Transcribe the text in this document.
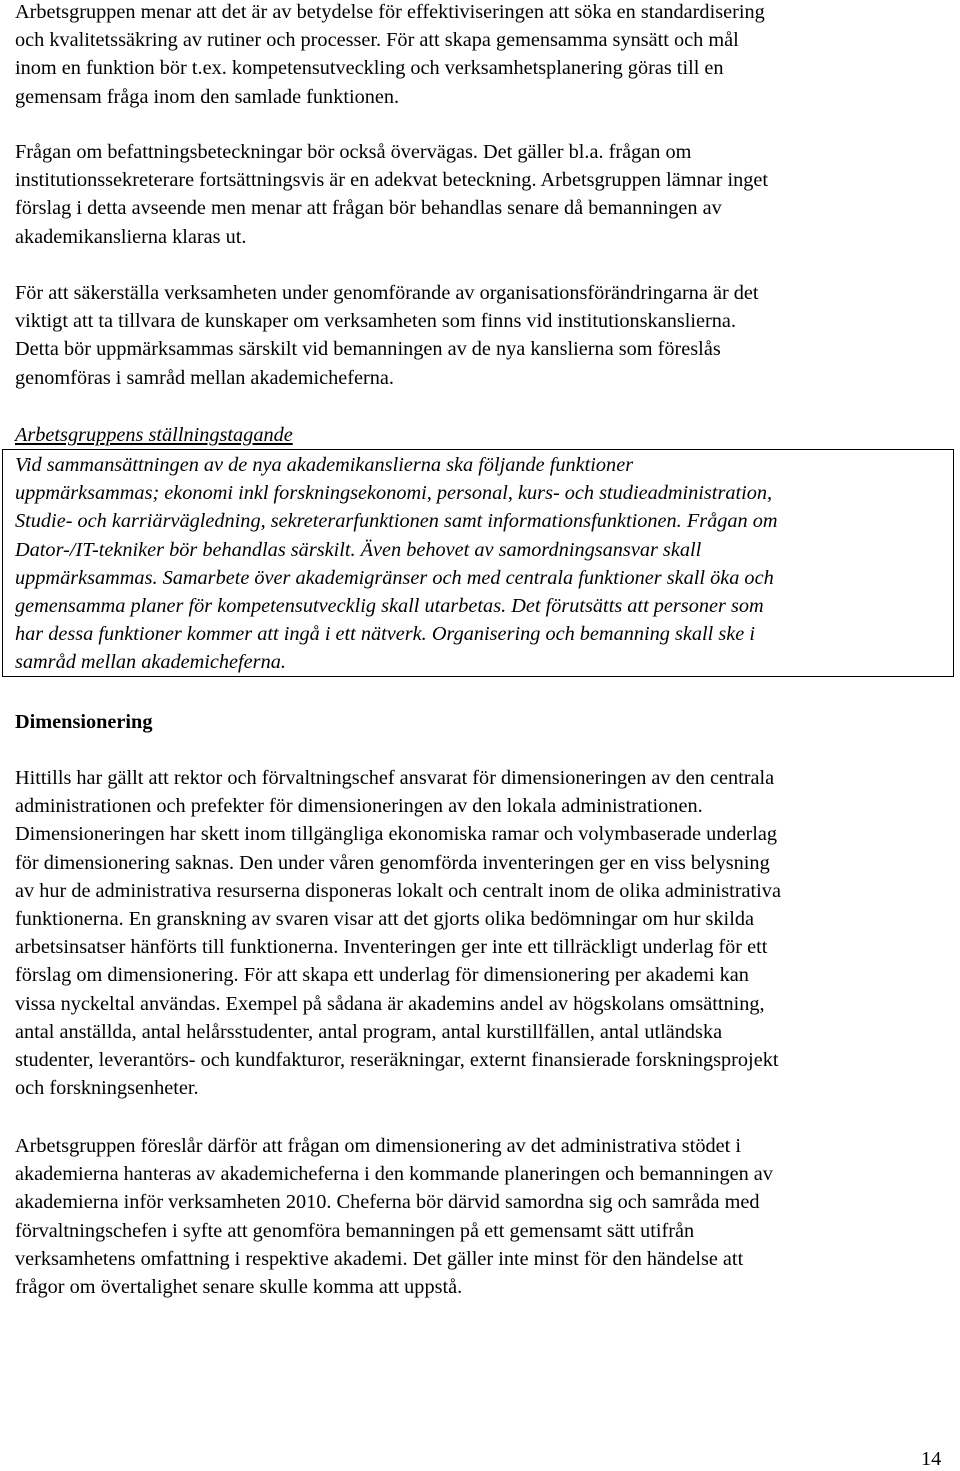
Arbetsgruppen menar att det är av betydelse för effektiviseringen att söka en standardisering
och kvalitetssäkring av rutiner och processer. För att skapa gemensamma synsätt och mål
inom en funktion bör t.ex. kompetensutveckling och verksamhetsplanering göras till en
gemensam fråga inom den samlade funktionen.

Frågan om befattningsbeteckningar bör också övervägas. Det gäller bl.a. frågan om
institutionssekreterare fortsättningsvis är en adekvat beteckning. Arbetsgruppen lämnar inget
förslag i detta avseende men menar att frågan bör behandlas senare då bemanningen av
akademikanslierna klaras ut.

För att säkerställa verksamheten under genomförande av organisationsförändringarna är det
viktigt att ta tillvara de kunskaper om verksamheten som finns vid institutionskanslierna.
Detta bör uppmärksammas särskilt vid bemanningen av de nya kanslierna som föreslås
genomföras i samråd mellan akademicheferna.

Arbetsgruppens ställningstagande

Vid sammansättningen av de nya akademikanslierna ska följande funktioner
uppmärksammas; ekonomi inkl forskningsekonomi, personal, kurs- och studieadministration,
Studie- och karriärvägledning, sekreterarfunktionen samt informationsfunktionen. Frågan om
Dator-/IT-tekniker bör behandlas särskilt. Även behovet av samordningsansvar skall
uppmärksammas. Samarbete över akademigränser och med centrala funktioner skall öka och
gemensamma planer för kompetensutvecklig skall utarbetas. Det förutsätts att personer som
har dessa funktioner kommer att ingå i ett nätverk. Organisering och bemanning skall ske i
samråd mellan akademicheferna.

Dimensionering

Hittills har gällt att rektor och förvaltningschef ansvarat för dimensioneringen av den centrala
administrationen och prefekter för dimensioneringen av den lokala administrationen.
Dimensioneringen har skett inom tillgängliga ekonomiska ramar och volymbaserade underlag
för dimensionering saknas. Den under våren genomförda inventeringen ger en viss belysning
av hur de administrativa resurserna disponeras lokalt och centralt inom de olika administrativa
funktionerna. En granskning av svaren visar att det gjorts olika bedömningar om hur skilda
arbetsinsatser hänförts till funktionerna. Inventeringen ger inte ett tillräckligt underlag för ett
förslag om dimensionering. För att skapa ett underlag för dimensionering per akademi kan
vissa nyckeltal användas. Exempel på sådana är akademins andel av högskolans omsättning,
antal anställda, antal helårsstudenter, antal program, antal kurstillfällen, antal utländska
studenter, leverantörs- och kundfakturor, reseräkningar, externt finansierade forskningsprojekt
och forskningsenheter.

Arbetsgruppen föreslår därför att frågan om dimensionering av det administrativa stödet i
akademierna hanteras av akademicheferna i den kommande planeringen och bemanningen av
akademierna inför verksamheten 2010. Cheferna bör därvid samordna sig och samråda med
förvaltningschefen i syfte att genomföra bemanningen på ett gemensamt sätt utifrån
verksamhetens omfattning i respektive akademi. Det gäller inte minst för den händelse att
frågor om övertalighet senare skulle komma att uppstå.

14
